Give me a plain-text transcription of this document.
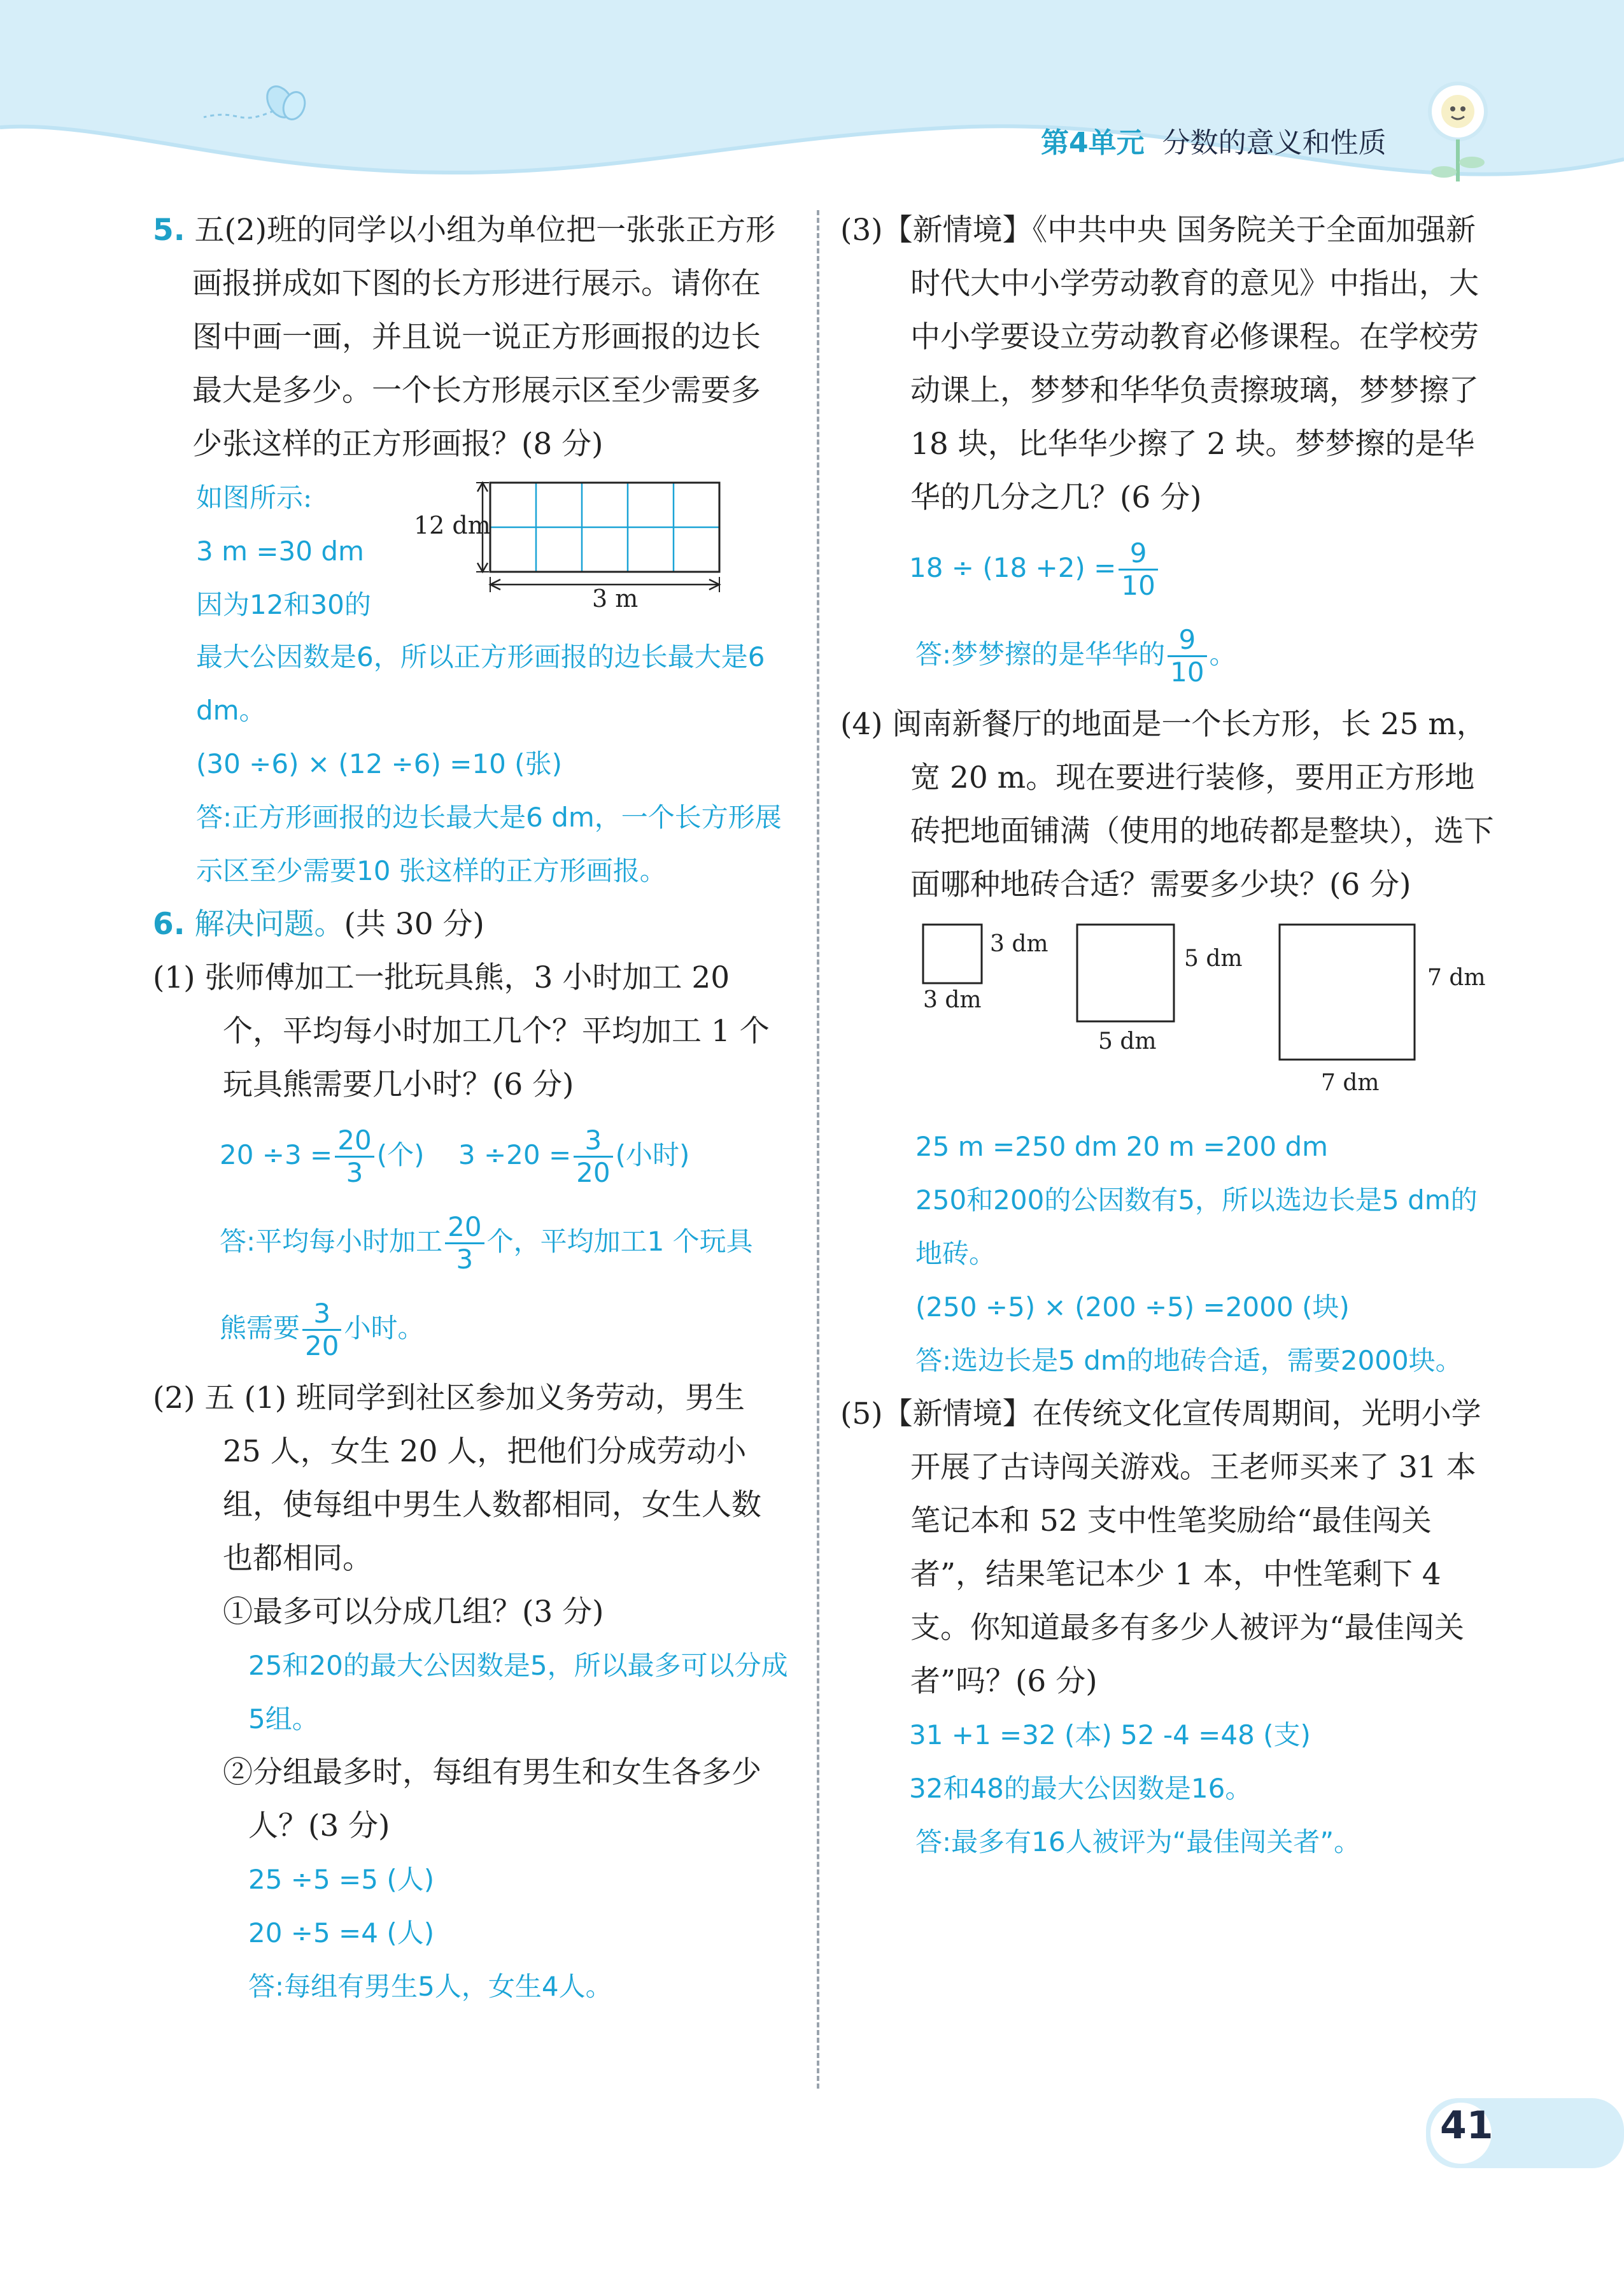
第4单元 分数的意义和性质

5. 五(2)班的同学以小组为单位把一张张正方形画报拼成如下图的长方形进行展示。请你在图中画一画，并且说一说正方形画报的边长最大是多少。一个长方形展示区至少需要多少张这样的正方形画报？(8 分)

如图所示:

3 m =30 dm

因为12和30的

12 dm
3 m

最大公因数是6，所以正方形画报的边长最大是6 dm。

(30 ÷6) × (12 ÷6) =10 (张)

答:正方形画报的边长最大是6 dm，一个长方形展示区至少需要10 张这样的正方形画报。

6. 解决问题。(共 30 分)

(1) 张师傅加工一批玩具熊，3 小时加工 20 个，平均每小时加工几个？平均加工 1 个玩具熊需要几小时？(6 分)

$20 \div 3 = \frac{20}{3}$ (个) $3 \div 20 = \frac{3}{20}$ (小时)

答:平均每小时加工 $\frac{20}{3}$ 个，平均加工1 个玩具

熊需要 $\frac{3}{20}$ 小时。

(2) 五 (1) 班同学到社区参加义务劳动，男生 25 人，女生 20 人，把他们分成劳动小组，使每组中男生人数都相同，女生人数也都相同。

①最多可以分成几组？(3 分)

25和20的最大公因数是5，所以最多可以分成5组。

②分组最多时，每组有男生和女生各多少人？(3 分)

25 ÷5 =5 (人)

20 ÷5 =4 (人)

答:每组有男生5人，女生4人。

(3)【新情境】《中共中央 国务院关于全面加强新时代大中小学劳动教育的意见》中指出，大中小学要设立劳动教育必修课程。在学校劳动课上，梦梦和华华负责擦玻璃，梦梦擦了 18 块，比华华少擦了 2 块。梦梦擦的是华华的几分之几？(6 分)

$18 \div (18 +2) = \frac{9}{10}$

答:梦梦擦的是华华的 $\frac{9}{10}$ 。

(4) 闽南新餐厅的地面是一个长方形，长 25 m，宽 20 m。现在要进行装修，要用正方形地砖把地面铺满（使用的地砖都是整块），选下面哪种地砖合适？需要多少块？(6 分)

3 dm
3 dm
5 dm
5 dm
7 dm
7 dm

25 m =250 dm 20 m =200 dm

250和200的公因数有5，所以选边长是5 dm的地砖。

(250 ÷5) × (200 ÷5) =2000 (块)

答:选边长是5 dm的地砖合适，需要2000块。

(5)【新情境】在传统文化宣传周期间，光明小学开展了古诗闯关游戏。王老师买来了 31 本笔记本和 52 支中性笔奖励给“最佳闯关者”，结果笔记本少 1 本，中性笔剩下 4 支。你知道最多有多少人被评为“最佳闯关者”吗？(6 分)

31 +1 =32 (本) 52 -4 =48 (支)

32和48的最大公因数是16。

答:最多有16人被评为“最佳闯关者”。

41
